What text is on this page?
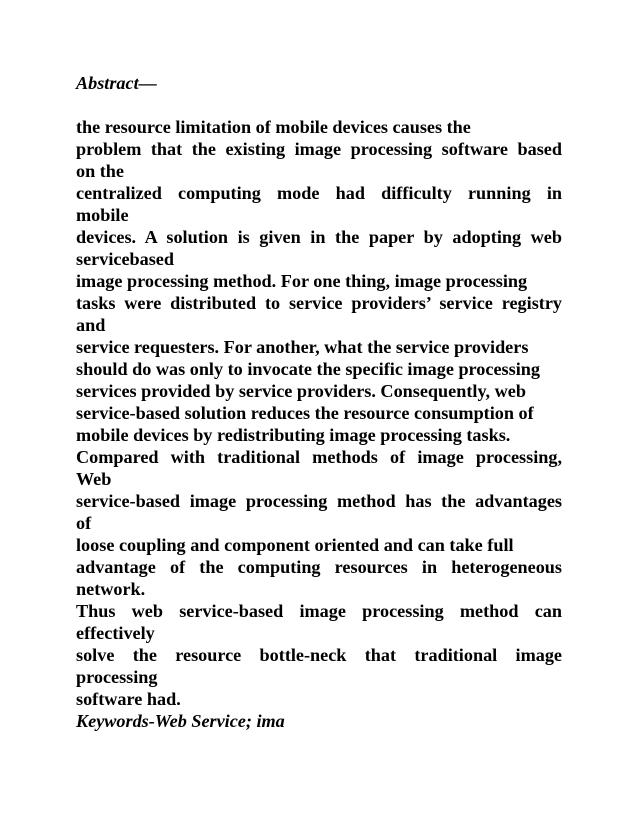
Abstract—
the resource limitation of mobile devices causes the
problem that the existing image processing software based
on the
centralized computing mode had difficulty running in
mobile
devices. A solution is given in the paper by adopting web
servicebased
image processing method. For one thing, image processing
tasks were distributed to service providers’ service registry
and
service requesters. For another, what the service providers
should do was only to invocate the specific image processing
services provided by service providers. Consequently, web
service-based solution reduces the resource consumption of
mobile devices by redistributing image processing tasks.
Compared with traditional methods of image processing,
Web
service-based image processing method has the advantages
of
loose coupling and component oriented and can take full
advantage of the computing resources in heterogeneous
network.
Thus web service-based image processing method can
effectively
solve the resource bottle-neck that traditional image
processing
software had.
Keywords-Web Service; ima
